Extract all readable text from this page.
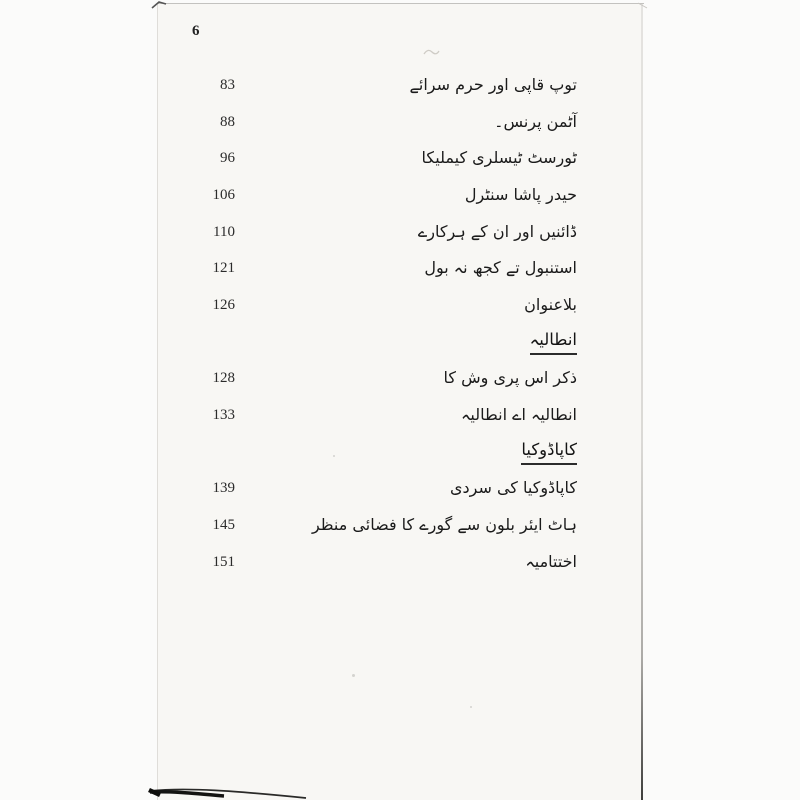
6
83	توپ قاپی اور حرم سرائے
88	آٹمن پرنس۔
96	ٹورسٹ ٹیسلری کیملیکا
106	حیدر پاشا سنٹرل
110	ڈائنیں اور ان کے ہرکارے
121	استنبول تے کجھ نہ بول
126	بلاعنوان
انطالیہ
128	ذکر اس پری وش کا
133	انطالیہ اے انطالیہ
کاپاڈوکیا
139	کاپاڈوکیا کی سردی
145	ہاٹ ایئر بلون سے گورے کا فضائی منظر
151	اختتامیہ
